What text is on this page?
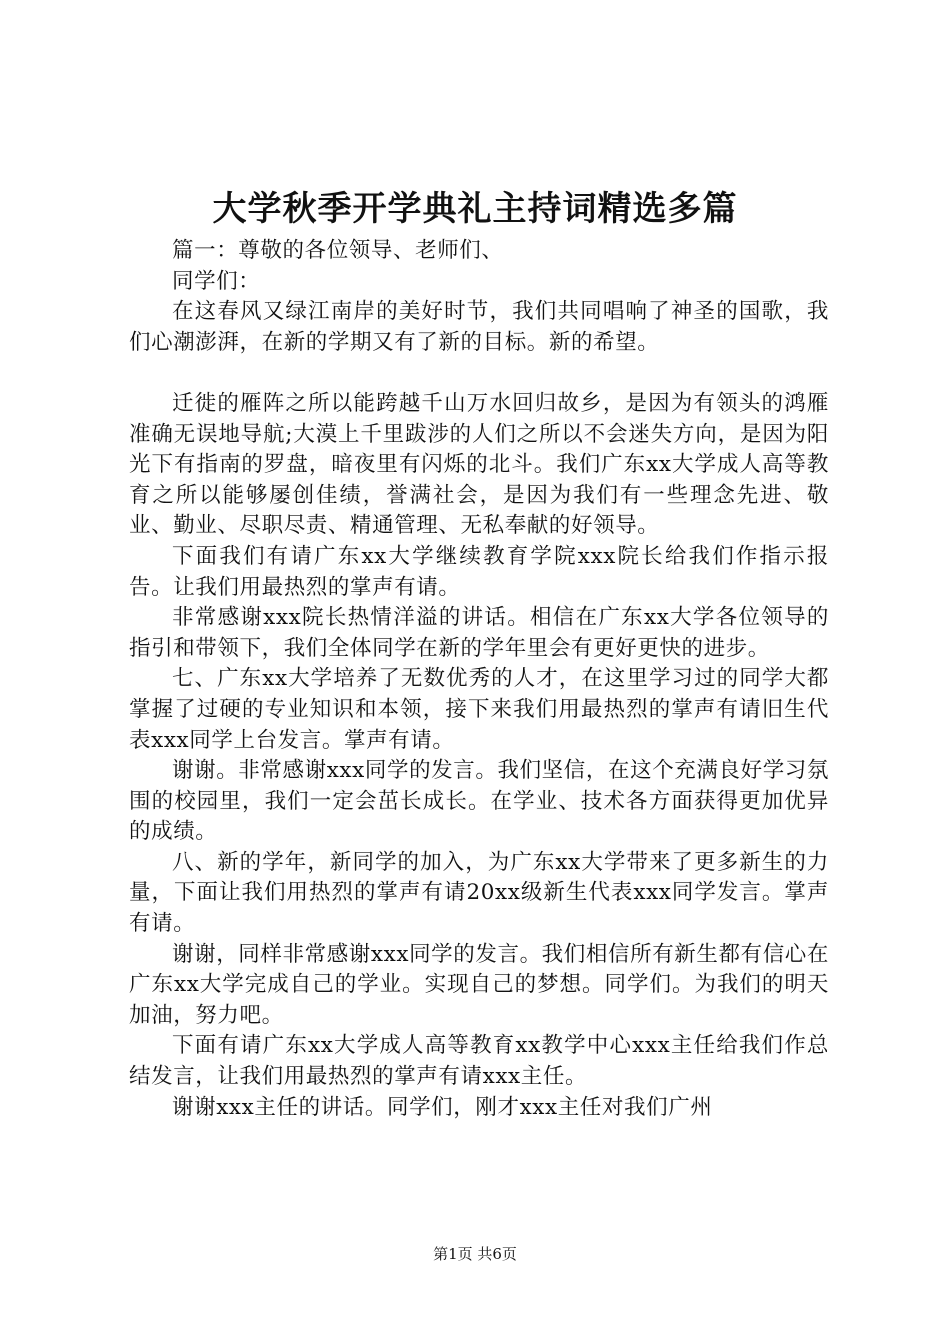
大学秋季开学典礼主持词精选多篇

篇一：尊敬的各位领导、老师们、

同学们：

在这春风又绿江南岸的美好时节，我们共同唱响了神圣的国歌，我们心潮澎湃，在新的学期又有了新的目标。新的希望。

迁徙的雁阵之所以能跨越千山万水回归故乡，是因为有领头的鸿雁准确无误地导航;大漠上千里跋涉的人们之所以不会迷失方向，是因为阳光下有指南的罗盘，暗夜里有闪烁的北斗。我们广东xx大学成人高等教育之所以能够屡创佳绩，誉满社会，是因为我们有一些理念先进、敬业、勤业、尽职尽责、精通管理、无私奉献的好领导。

下面我们有请广东xx大学继续教育学院xxx院长给我们作指示报告。让我们用最热烈的掌声有请。

非常感谢xxx院长热情洋溢的讲话。相信在广东xx大学各位领导的指引和带领下，我们全体同学在新的学年里会有更好更快的进步。

七、广东xx大学培养了无数优秀的人才，在这里学习过的同学大都掌握了过硬的专业知识和本领，接下来我们用最热烈的掌声有请旧生代表xxx同学上台发言。掌声有请。

谢谢。非常感谢xxx同学的发言。我们坚信，在这个充满良好学习氛围的校园里，我们一定会茁长成长。在学业、技术各方面获得更加优异的成绩。

八、新的学年，新同学的加入，为广东xx大学带来了更多新生的力量，下面让我们用热烈的掌声有请20xx级新生代表xxx同学发言。掌声有请。

谢谢，同样非常感谢xxx同学的发言。我们相信所有新生都有信心在广东xx大学完成自己的学业。实现自己的梦想。同学们。为我们的明天加油，努力吧。

下面有请广东xx大学成人高等教育xx教学中心xxx主任给我们作总结发言，让我们用最热烈的掌声有请xxx主任。

谢谢xxx主任的讲话。同学们，刚才xxx主任对我们广州

第1页 共6页
